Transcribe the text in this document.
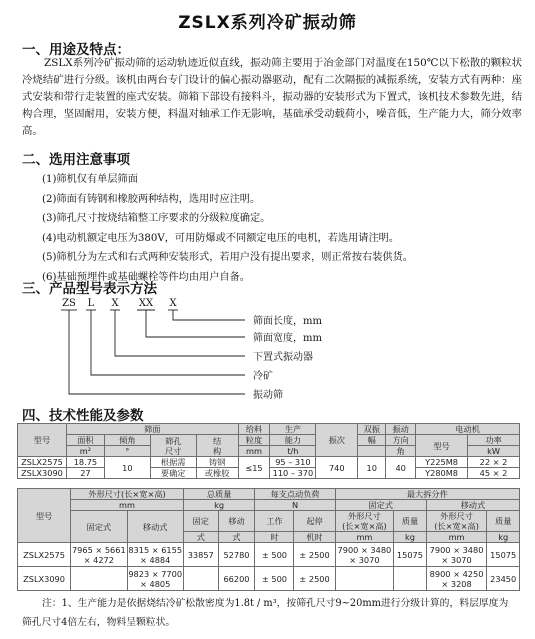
ZSLX系列冷矿振动筛
一、用途及特点：
ZSLX系列冷矿振动筛的运动轨迹近似直线，振动筛主要用于冶金部门对温度在150℃以下松散的颗粒状冷烧结矿进行分级。该机由两台专门设计的偏心振动器驱动，配有二次隔振的减振系统，安装方式有两种：座式安装和带行走装置的座式安装。筛箱下部设有接料斗，振动器的安装形式为下置式，该机技术参数先进，结构合理，坚固耐用，安装方便，料温对轴承工作无影响，基础承受动载荷小，噪音低，生产能力大，筛分效率高。
二、选用注意事项
(1)筛机仅有单层筛面
(2)筛面有铸钢和橡胶两种结构，选用时应注明。
(3)筛孔尺寸按烧结箱整工序要求的分级粒度确定。
(4)电动机额定电压为380V，可用防爆或不同额定电压的电机，若选用请注明。
(5)筛机分为左式和右式两种安装形式，若用户没有提出要求，则正常按右装供货。
(6)基础预埋件或基础螺栓等件均由用户自备。
三、产品型号表示方法
ZS L X XX X
筛面长度，mm
筛面宽度，mm
下置式振动器
冷矿
振动筛
四、技术性能及参数
型号	筛面				给料	生产	振次	双振	振动	电动机	
	面积	倾角	筛孔
尺寸	结
构	粒度	能力		幅	方向	型号	功率
	m²	°			mm	t/h			角		kW
ZSLX2575	18.75	10	根据需	铸钢	≤15	95 – 310	740	10	40	Y225M8	22 × 2
ZSLX3090	27		要确定	或橡胶		110 – 370				Y280M8	45 × 2
型号	外形尺寸(长×宽×高)		总质量		每支点动负荷		最大拆分件			
	mm		kg		N		固定式		移动式	
	固定式	移动式	固定	移动	工作	起停	外形尺寸
(长×宽×高)	质量	外形尺寸
(长×宽×高)	质量
			式	式	时	机时	mm	kg	mm	kg
ZSLX2575	7965 × 5661
× 4272	8315 × 6155
× 4884	33857	52780	± 500	± 2500	7900 × 3480
× 3070	15075	7900 × 3480
× 3070	15075
ZSLX3090		9823 × 7700
× 4805		66200	± 500	± 2500			8900 × 4250
× 3208	23450
注：1、生产能力是依据烧结冷矿松散密度为1.8t / m³，按筛孔尺寸9~20mm进行分级计算的，料层厚度为筛孔尺寸4倍左右，物料呈颗粒状。
